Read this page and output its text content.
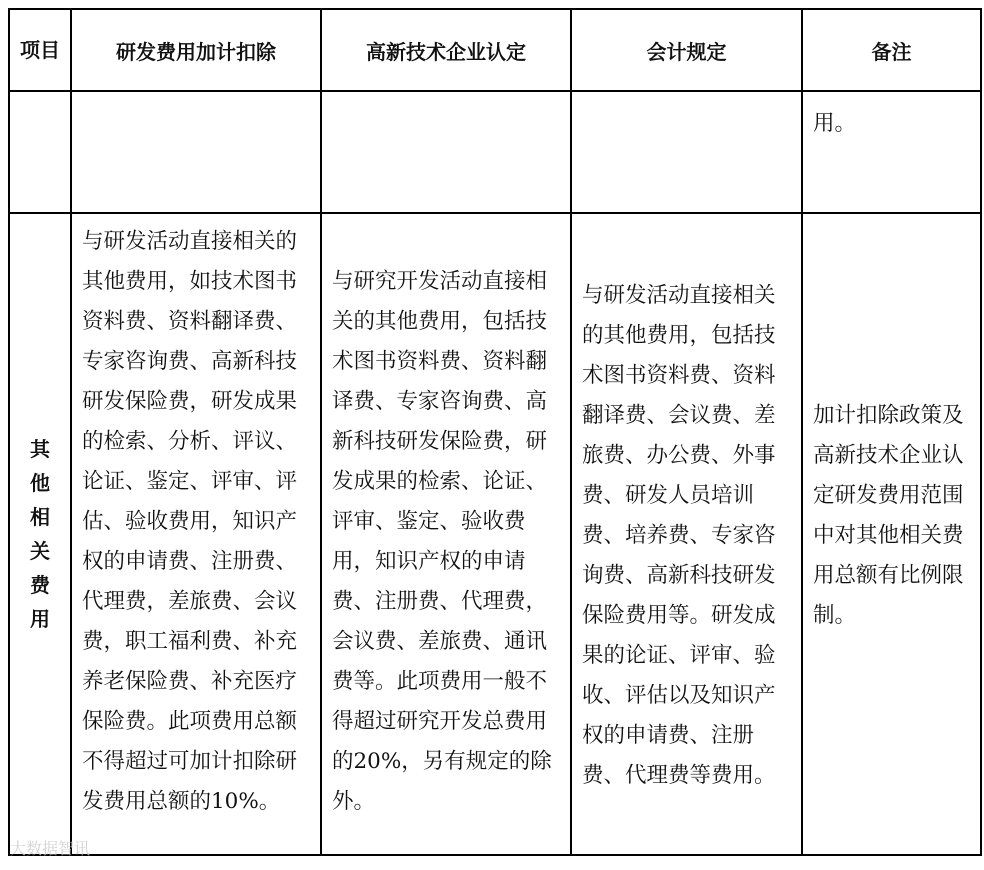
项目	研发费用加计扣除	高新技术企业认定	会计规定	备注

				用。

其他相关费用	与研发活动直接相关的其他费用，如技术图书资料费、资料翻译费、专家咨询费、高新科技研发保险费，研发成果的检索、分析、评议、论证、鉴定、评审、评估、验收费用，知识产权的申请费、注册费、代理费，差旅费、会议费，职工福利费、补充养老保险费、补充医疗保险费。此项费用总额不得超过可加计扣除研发费用总额的10%。	与研究开发活动直接相关的其他费用，包括技术图书资料费、资料翻译费、专家咨询费、高新科技研发保险费，研发成果的检索、论证、评审、鉴定、验收费用，知识产权的申请费、注册费、代理费，会议费、差旅费、通讯费等。此项费用一般不得超过研究开发总费用的20%，另有规定的除外。	与研发活动直接相关的其他费用，包括技术图书资料费、资料翻译费、会议费、差旅费、办公费、外事费、研发人员培训费、培养费、专家咨询费、高新科技研发保险费用等。研发成果的论证、评审、验收、评估以及知识产权的申请费、注册费、代理费等费用。	加计扣除政策及高新技术企业认定研发费用范围中对其他相关费用总额有比例限制。
大数据智讯
